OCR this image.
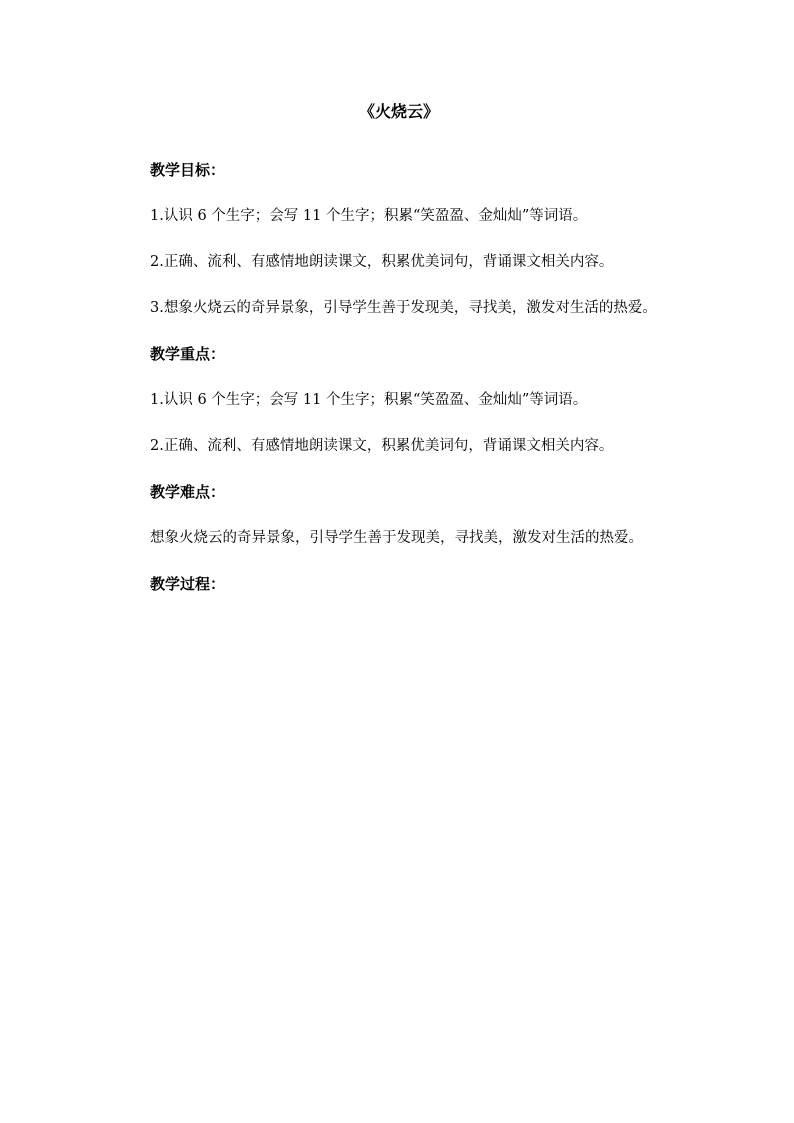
《火烧云》

教学目标：

1.认识 6 个生字；会写 11 个生字；积累“笑盈盈、金灿灿”等词语。

2.正确、流利、有感情地朗读课文，积累优美词句，背诵课文相关内容。

3.想象火烧云的奇异景象，引导学生善于发现美，寻找美，激发对生活的热爱。

教学重点：

1.认识 6 个生字；会写 11 个生字；积累“笑盈盈、金灿灿”等词语。

2.正确、流利、有感情地朗读课文，积累优美词句，背诵课文相关内容。

教学难点：

想象火烧云的奇异景象，引导学生善于发现美，寻找美，激发对生活的热爱。

教学过程：
